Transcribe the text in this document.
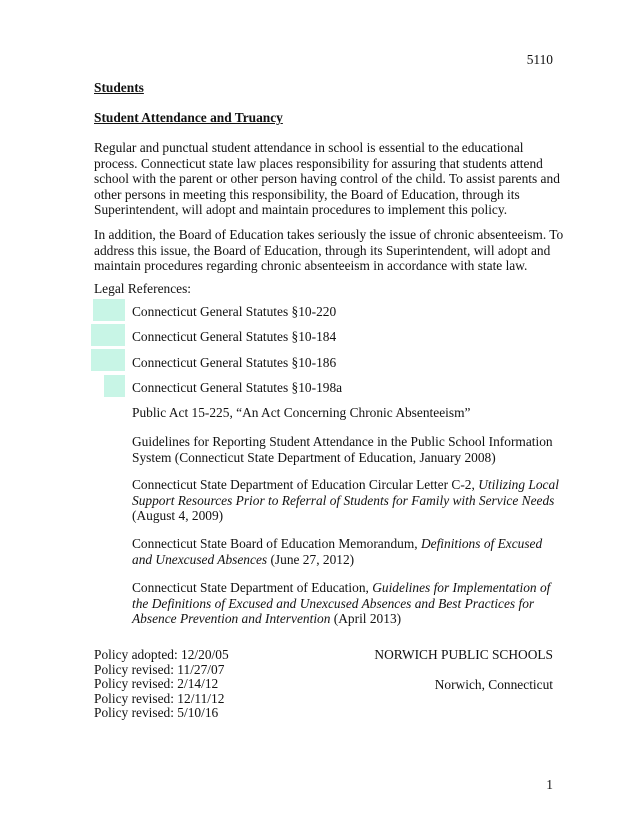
5110
Students
Student Attendance and Truancy
Regular and punctual student attendance in school is essential to the educational process. Connecticut state law places responsibility for assuring that students attend school with the parent or other person having control of the child. To assist parents and other persons in meeting this responsibility, the Board of Education, through its Superintendent, will adopt and maintain procedures to implement this policy.
In addition, the Board of Education takes seriously the issue of chronic absenteeism. To address this issue, the Board of Education, through its Superintendent, will adopt and maintain procedures regarding chronic absenteeism in accordance with state law.
Legal References:
Connecticut General Statutes §10-220
Connecticut General Statutes §10-184
Connecticut General Statutes §10-186
Connecticut General Statutes §10-198a
Public Act 15-225, “An Act Concerning Chronic Absenteeism”
Guidelines for Reporting Student Attendance in the Public School Information System (Connecticut State Department of Education, January 2008)
Connecticut State Department of Education Circular Letter C-2, Utilizing Local Support Resources Prior to Referral of Students for Family with Service Needs (August 4, 2009)
Connecticut State Board of Education Memorandum, Definitions of Excused and Unexcused Absences (June 27, 2012)
Connecticut State Department of Education, Guidelines for Implementation of the Definitions of Excused and Unexcused Absences and Best Practices for Absence Prevention and Intervention (April 2013)
Policy adopted: 12/20/05
Policy revised: 11/27/07
Policy revised: 2/14/12
Policy revised: 12/11/12
Policy revised: 5/10/16
NORWICH PUBLIC SCHOOLS
Norwich, Connecticut
1
